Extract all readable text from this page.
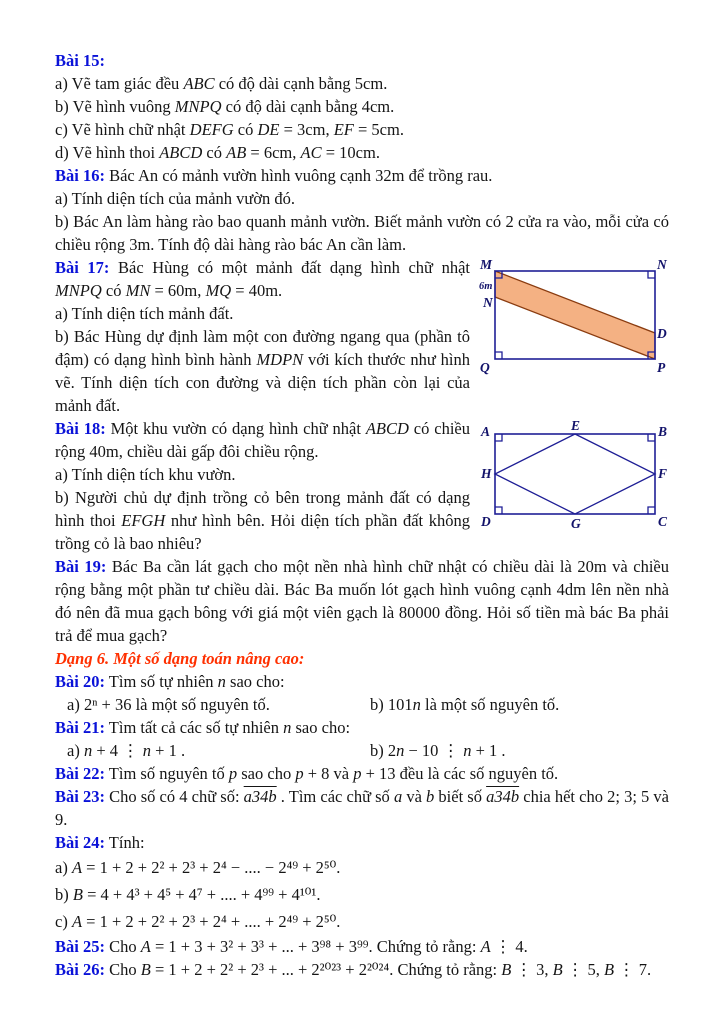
Bài 15:

a) Vẽ tam giác đều ABC có độ dài cạnh bằng 5cm.

b) Vẽ hình vuông MNPQ có độ dài cạnh bằng 4cm.

c) Vẽ hình chữ nhật DEFG có DE = 3cm, EF = 5cm.

d) Vẽ hình thoi ABCD có AB = 6cm, AC = 10cm.

Bài 16: Bác An có mảnh vườn hình vuông cạnh 32m để trồng rau.

a) Tính diện tích của mảnh vườn đó.

b) Bác An làm hàng rào bao quanh mảnh vườn. Biết mảnh vườn có 2 cửa ra vào, mỗi cửa có chiều rộng 3m. Tính độ dài hàng rào bác An cần làm.

M	N
6m
N
D
Q	P

Bài 17: Bác Hùng có một mảnh đất dạng hình chữ nhật MNPQ có MN = 60m, MQ = 40m.

a) Tính diện tích mảnh đất.

b) Bác Hùng dự định làm một con đường ngang qua (phần tô đậm) có dạng hình bình hành MDPN với kích thước như hình vẽ. Tính diện tích con đường và diện tích phần còn lại của mảnh đất.

A	E	B
H	F
D	G	C

Bài 18: Một khu vườn có dạng hình chữ nhật ABCD có chiều rộng 40m, chiều dài gấp đôi chiều rộng.

a) Tính diện tích khu vườn.

b) Người chủ dự định trồng cỏ bên trong mảnh đất có dạng hình thoi EFGH như hình bên. Hỏi diện tích phần đất không trồng cỏ là bao nhiêu?

Bài 19: Bác Ba cần lát gạch cho một nền nhà hình chữ nhật có chiều dài là 20m và chiều rộng bằng một phần tư chiều dài. Bác Ba muốn lót gạch hình vuông cạnh 4dm lên nền nhà đó nên đã mua gạch bông với giá một viên gạch là 80000 đồng. Hỏi số tiền mà bác Ba phải trả để mua gạch?

Dạng 6. Một số dạng toán nâng cao:

Bài 20: Tìm số tự nhiên n sao cho:

a) 2ⁿ + 36 là một số nguyên tố.	b) 101n là một số nguyên tố.

Bài 21: Tìm tất cả các số tự nhiên n sao cho:

a) n + 4 ⋮ n + 1 .	b) 2n − 10 ⋮ n + 1 .

Bài 22: Tìm số nguyên tố p sao cho p + 8 và p + 13 đều là các số nguyên tố.

Bài 23: Cho số có 4 chữ số: a34b . Tìm các chữ số a và b biết số a34b chia hết cho 2; 3; 5 và 9.

Bài 24: Tính:

a) A = 1 + 2 + 2² + 2³ + 2⁴ − .... − 2⁴⁹ + 2⁵⁰.

b) B = 4 + 4³ + 4⁵ + 4⁷ + .... + 4⁹⁹ + 4¹⁰¹.

c) A = 1 + 2 + 2² + 2³ + 2⁴ + .... + 2⁴⁹ + 2⁵⁰.

Bài 25: Cho A = 1 + 3 + 3² + 3³ + ... + 3⁹⁸ + 3⁹⁹. Chứng tỏ rằng: A ⋮ 4.

Bài 26: Cho B = 1 + 2 + 2² + 2³ + ... + 2²⁰²³ + 2²⁰²⁴. Chứng tỏ rằng: B ⋮ 3, B ⋮ 5, B ⋮ 7.
